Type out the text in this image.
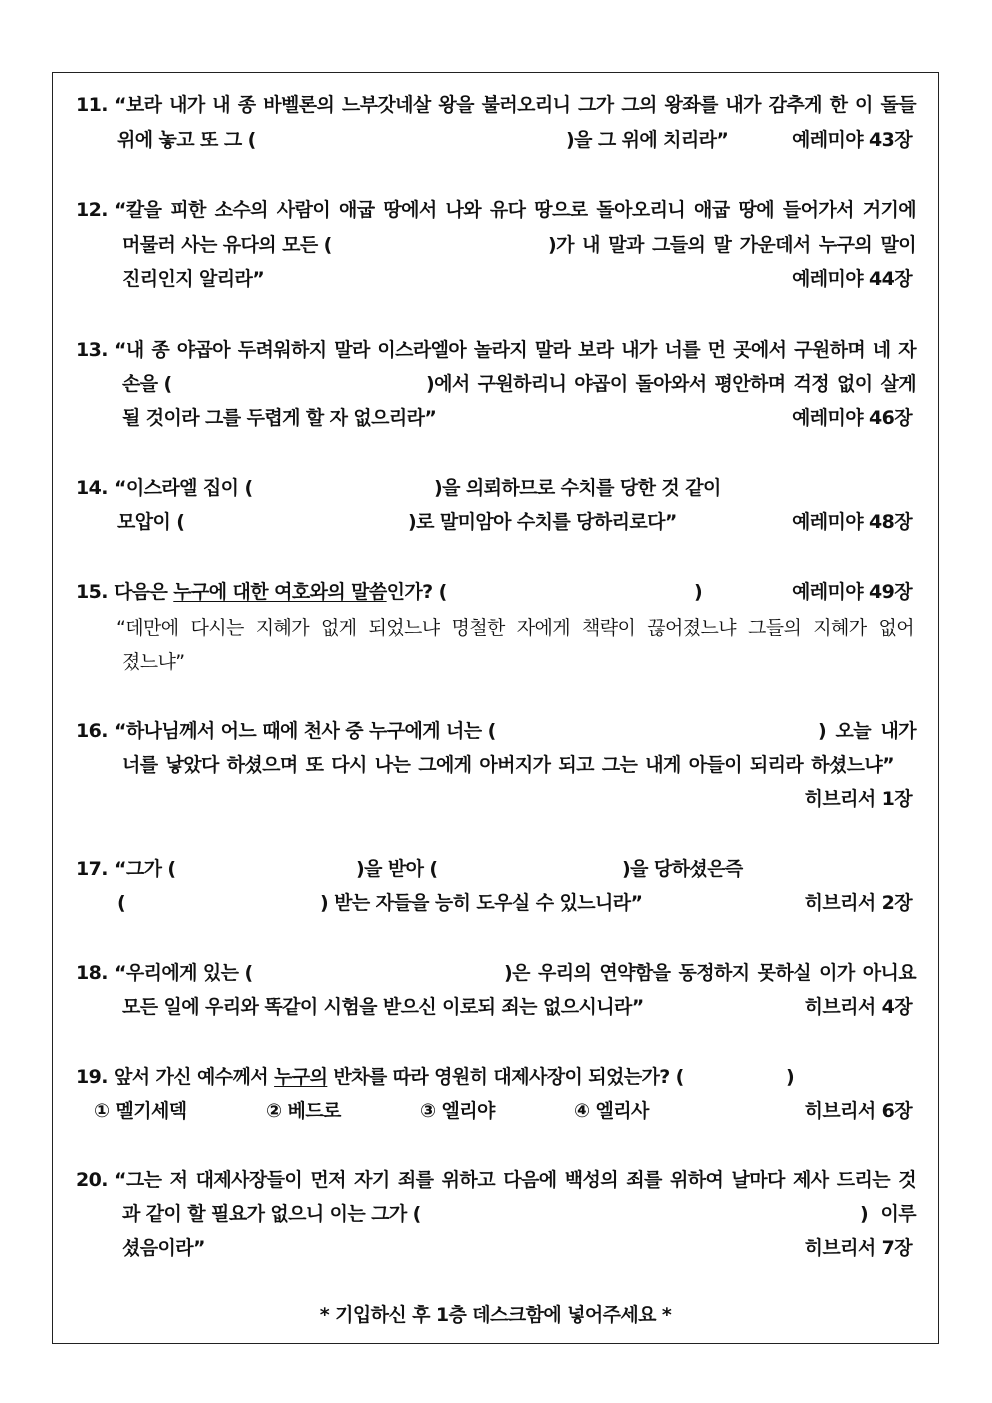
11. “보라 내가 내 종 바벨론의 느부갓네살 왕을 불러오리니 그가 그의 왕좌를 내가 감추게 한 이 돌들
위에 놓고 또 그 (	)을 그 위에 치리라”	예레미야 43장
12. “칼을 피한 소수의 사람이 애굽 땅에서 나와 유다 땅으로 돌아오리니 애굽 땅에 들어가서 거기에
머물러 사는 유다의 모든 (	)가 내 말과 그들의 말 가운데서 누구의 말이
진리인지 알리라”	예레미야 44장
13. “내 종 야곱아 두려워하지 말라 이스라엘아 놀라지 말라 보라 내가 너를 먼 곳에서 구원하며 네 자
손을 (	)에서 구원하리니 야곱이 돌아와서 평안하며 걱정 없이 살게
될 것이라 그를 두렵게 할 자 없으리라”	예레미야 46장
14. “이스라엘 집이 (	)을 의뢰하므로 수치를 당한 것 같이
모압이 (	)로 말미암아 수치를 당하리로다”	예레미야 48장
15. 다음은 누구에 대한 여호와의 말씀인가? (	)	예레미야 49장
“데만에 다시는 지혜가 없게 되었느냐 명철한 자에게 책략이 끊어졌느냐 그들의 지혜가 없어
졌느냐”
16. “하나님께서 어느 때에 천사 중 누구에게 너는 (	) 오늘 내가
너를 낳았다 하셨으며 또 다시 나는 그에게 아버지가 되고 그는 내게 아들이 되리라 하셨느냐”
히브리서 1장
17. “그가 (	)을 받아 (	)을 당하셨은즉
(	) 받는 자들을 능히 도우실 수 있느니라”	히브리서 2장
18. “우리에게 있는 (	)은 우리의 연약함을 동정하지 못하실 이가 아니요
모든 일에 우리와 똑같이 시험을 받으신 이로되 죄는 없으시니라”	히브리서 4장
19. 앞서 가신 예수께서 누구의 반차를 따라 영원히 대제사장이 되었는가? (	)
① 멜기세덱	② 베드로	③ 엘리야	④ 엘리사	히브리서 6장
20. “그는 저 대제사장들이 먼저 자기 죄를 위하고 다음에 백성의 죄를 위하여 날마다 제사 드리는 것
과 같이 할 필요가 없으니 이는 그가 (	) 이루
셨음이라”	히브리서 7장
* 기입하신 후 1층 데스크함에 넣어주세요 *
